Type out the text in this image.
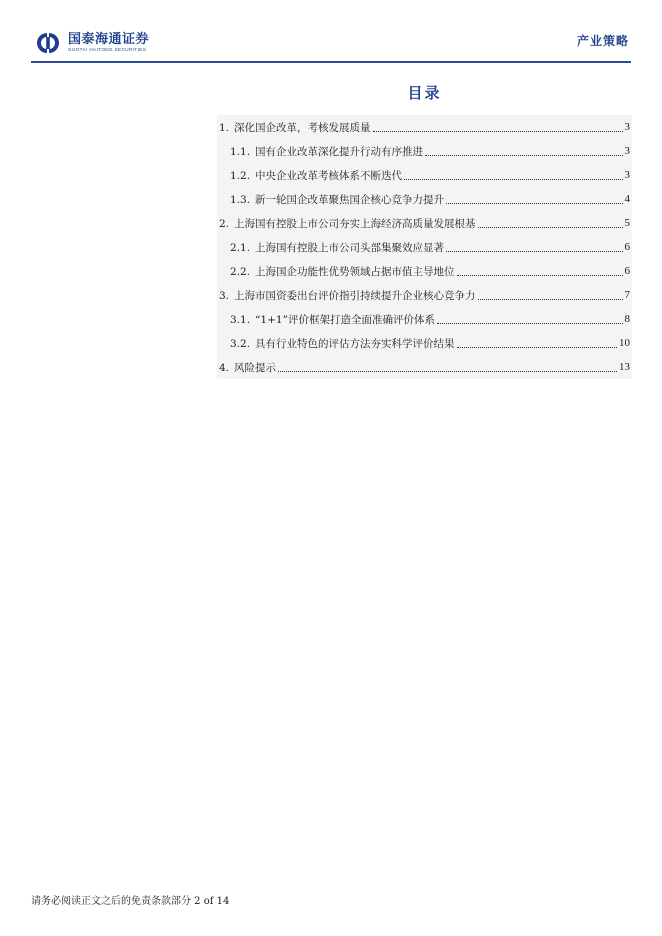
国泰海通证券
GUOTAI HAITONG SECURITIES
产业策略
目录
1. 深化国企改革，考核发展质量	3
1.1. 国有企业改革深化提升行动有序推进	3
1.2. 中央企业改革考核体系不断迭代	3
1.3. 新一轮国企改革聚焦国企核心竞争力提升	4
2. 上海国有控股上市公司夯实上海经济高质量发展根基	5
2.1. 上海国有控股上市公司头部集聚效应显著	6
2.2. 上海国企功能性优势领域占据市值主导地位	6
3. 上海市国资委出台评价指引持续提升企业核心竞争力	7
3.1. “1+1”评价框架打造全面准确评价体系	8
3.2. 具有行业特色的评估方法夯实科学评价结果	10
4. 风险提示	13
请务必阅读正文之后的免责条款部分 2 of 14
